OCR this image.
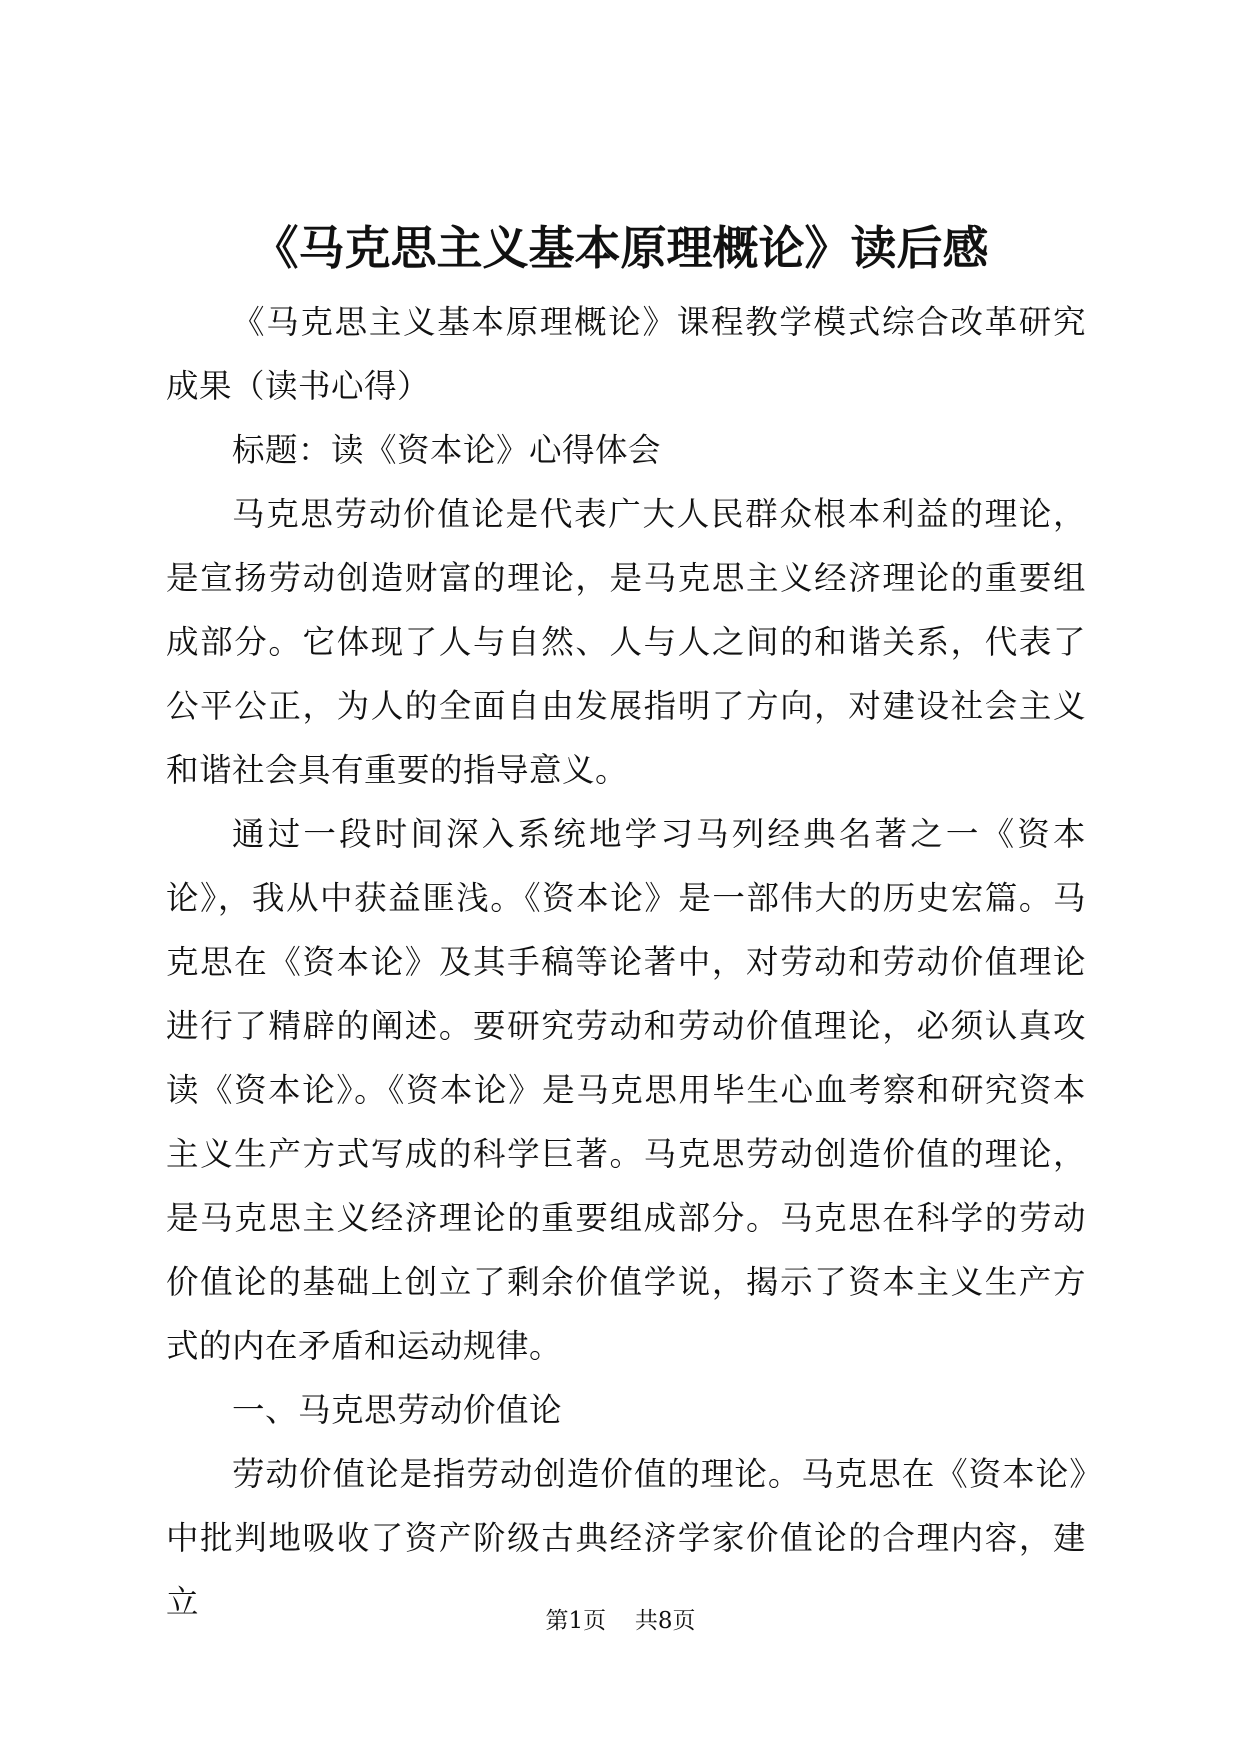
《马克思主义基本原理概论》读后感

《马克思主义基本原理概论》课程教学模式综合改革研究成果（读书心得）

标题：读《资本论》心得体会

马克思劳动价值论是代表广大人民群众根本利益的理论，是宣扬劳动创造财富的理论，是马克思主义经济理论的重要组成部分。它体现了人与自然、人与人之间的和谐关系，代表了公平公正，为人的全面自由发展指明了方向，对建设社会主义和谐社会具有重要的指导意义。

通过一段时间深入系统地学习马列经典名著之一《资本论》，我从中获益匪浅。《资本论》是一部伟大的历史宏篇。马克思在《资本论》及其手稿等论著中，对劳动和劳动价值理论进行了精辟的阐述。要研究劳动和劳动价值理论，必须认真攻读《资本论》。《资本论》是马克思用毕生心血考察和研究资本主义生产方式写成的科学巨著。马克思劳动创造价值的理论，是马克思主义经济理论的重要组成部分。马克思在科学的劳动价值论的基础上创立了剩余价值学说，揭示了资本主义生产方式的内在矛盾和运动规律。

一、马克思劳动价值论

劳动价值论是指劳动创造价值的理论。马克思在《资本论》中批判地吸收了资产阶级古典经济学家价值论的合理内容，建立	第1页 共8页
